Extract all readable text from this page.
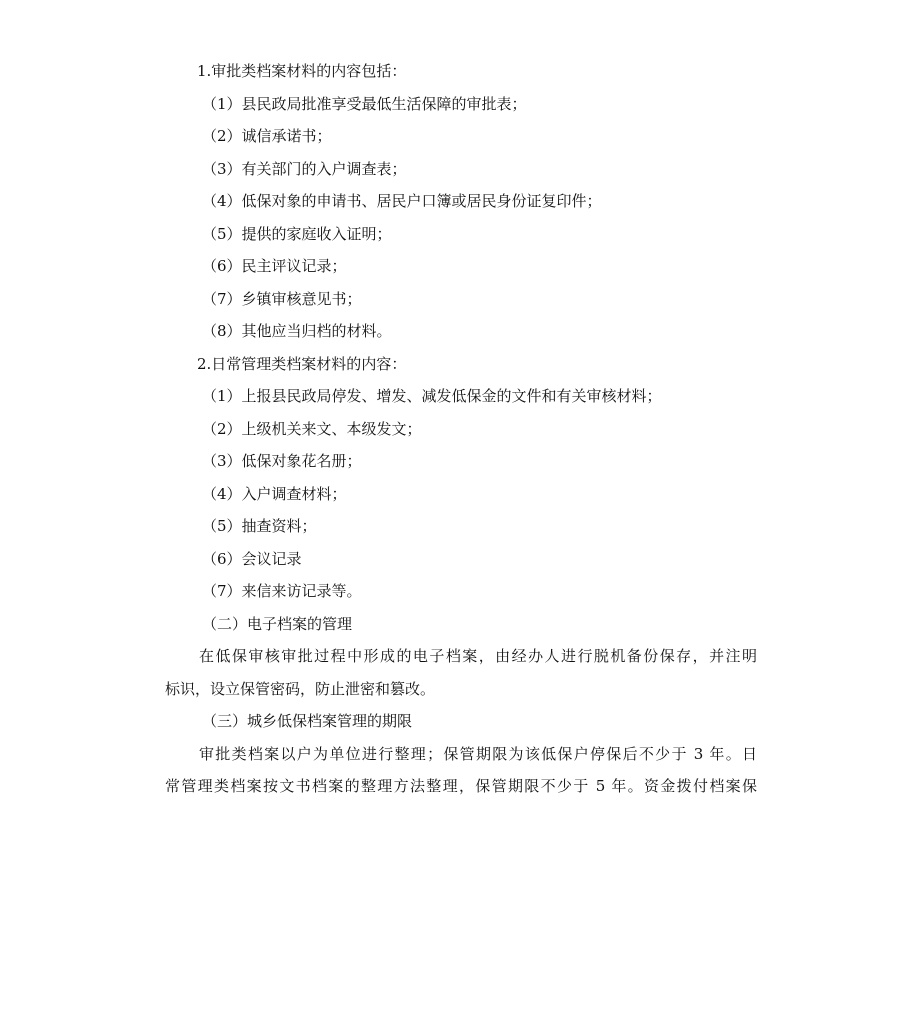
1.审批类档案材料的内容包括：
（1）县民政局批准享受最低生活保障的审批表；
（2）诚信承诺书；
（3）有关部门的入户调查表；
（4）低保对象的申请书、居民户口簿或居民身份证复印件；
（5）提供的家庭收入证明；
（6）民主评议记录；
（7）乡镇审核意见书；
（8）其他应当归档的材料。
2.日常管理类档案材料的内容：
（1）上报县民政局停发、增发、减发低保金的文件和有关审核材料；
（2）上级机关来文、本级发文；
（3）低保对象花名册；
（4）入户调查材料；
（5）抽查资料；
（6）会议记录
（7）来信来访记录等。
（二）电子档案的管理
在低保审核审批过程中形成的电子档案，由经办人进行脱机备份保存，并注明
标识，设立保管密码，防止泄密和篡改。
（三）城乡低保档案管理的期限
审批类档案以户为单位进行整理；保管期限为该低保户停保后不少于 3 年。日
常管理类档案按文书档案的整理方法整理，保管期限不少于 5 年。资金拨付档案保
